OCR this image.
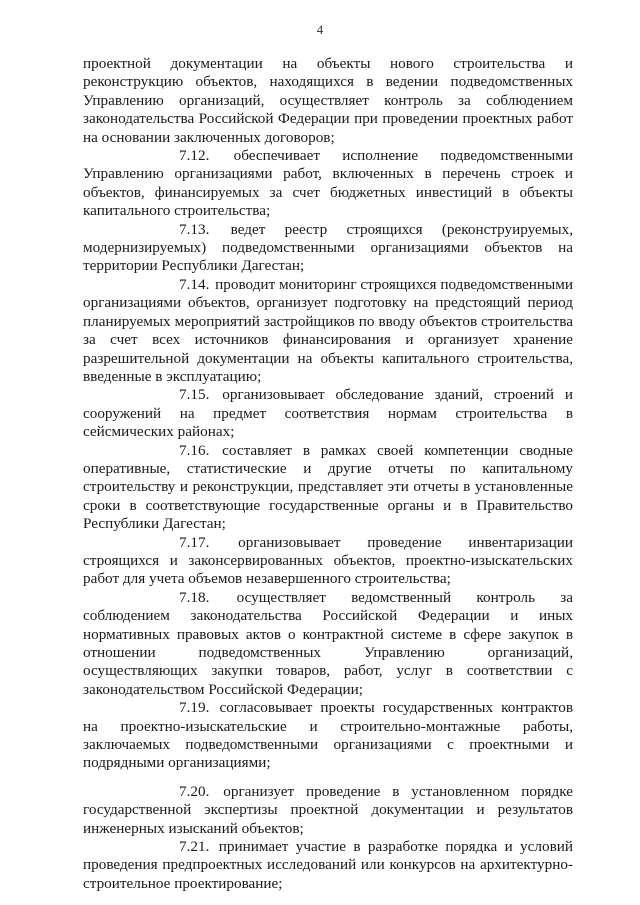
4

проектной документации на объекты нового строительства и реконструкцию объектов, находящихся в ведении подведомственных Управлению организаций, осуществляет контроль за соблюдением законодательства Российской Федерации при проведении проектных работ на основании заключенных договоров;

7.12. обеспечивает исполнение подведомственными Управлению организациями работ, включенных в перечень строек и объектов, финансируемых за счет бюджетных инвестиций в объекты капитального строительства;

7.13. ведет реестр строящихся (реконструируемых, модернизируемых) подведомственными организациями объектов на территории Республики Дагестан;

7.14. проводит мониторинг строящихся подведомственными организациями объектов, организует подготовку на предстоящий период планируемых мероприятий застройщиков по вводу объектов строительства за счет всех источников финансирования и организует хранение разрешительной документации на объекты капитального строительства, введенные в эксплуатацию;

7.15. организовывает обследование зданий, строений и сооружений на предмет соответствия нормам строительства в сейсмических районах;

7.16. составляет в рамках своей компетенции сводные оперативные, статистические и другие отчеты по капитальному строительству и реконструкции, представляет эти отчеты в установленные сроки в соответствующие государственные органы и в Правительство Республики Дагестан;

7.17. организовывает проведение инвентаризации строящихся и законсервированных объектов, проектно-изыскательских работ для учета объемов незавершенного строительства;

7.18. осуществляет ведомственный контроль за соблюдением законодательства Российской Федерации и иных нормативных правовых актов о контрактной системе в сфере закупок в отношении подведомственных Управлению организаций, осуществляющих закупки товаров, работ, услуг в соответствии с законодательством Российской Федерации;

7.19. согласовывает проекты государственных контрактов на проектно-изыскательские и строительно-монтажные работы, заключаемых подведомственными организациями с проектными и подрядными организациями;

7.20. организует проведение в установленном порядке государственной экспертизы проектной документации и результатов инженерных изысканий объектов;

7.21. принимает участие в разработке порядка и условий проведения предпроектных исследований или конкурсов на архитектурно-строительное проектирование;
